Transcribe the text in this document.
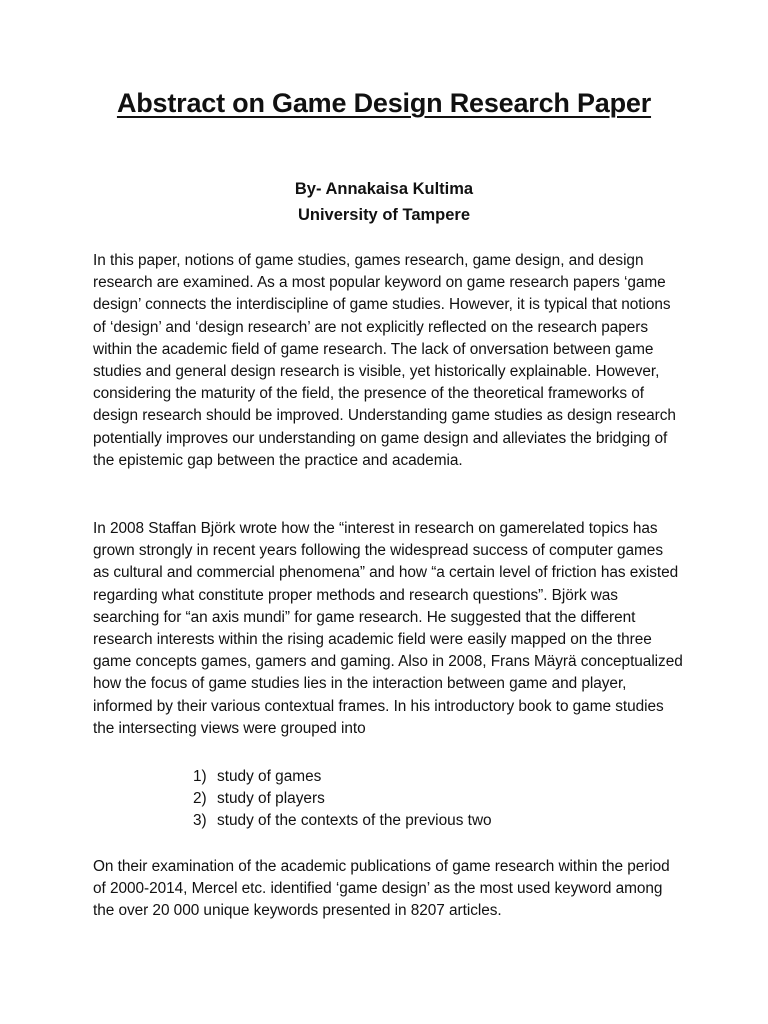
Abstract on Game Design Research Paper
By- Annakaisa Kultima
University of Tampere

In this paper, notions of game studies, games research, game design, and design research are examined. As a most popular keyword on game research papers ‘game design’ connects the interdiscipline of game studies. However, it is typical that notions of ‘design’ and ‘design research’ are not explicitly reflected on the research papers within the academic field of game research. The lack of onversation between game studies and general design research is visible, yet historically explainable. However, considering the maturity of the field, the presence of the theoretical frameworks of design research should be improved. Understanding game studies as design research potentially improves our understanding on game design and alleviates the bridging of the epistemic gap between the practice and academia.

In 2008 Staffan Björk wrote how the “interest in research on gamerelated topics has grown strongly in recent years following the widespread success of computer games as cultural and commercial phenomena” and how “a certain level of friction has existed regarding what constitute proper methods and research questions”. Björk was searching for “an axis mundi” for game research. He suggested that the different research interests within the rising academic field were easily mapped on the three game concepts games, gamers and gaming. Also in 2008, Frans Mäyrä conceptualized how the focus of game studies lies in the interaction between game and player, informed by their various contextual frames. In his introductory book to game studies the intersecting views were grouped into

1) study of games
2) study of players
3) study of the contexts of the previous two

On their examination of the academic publications of game research within the period of 2000-2014, Mercel etc. identified ‘game design’ as the most used keyword among the over 20 000 unique keywords presented in 8207 articles.
